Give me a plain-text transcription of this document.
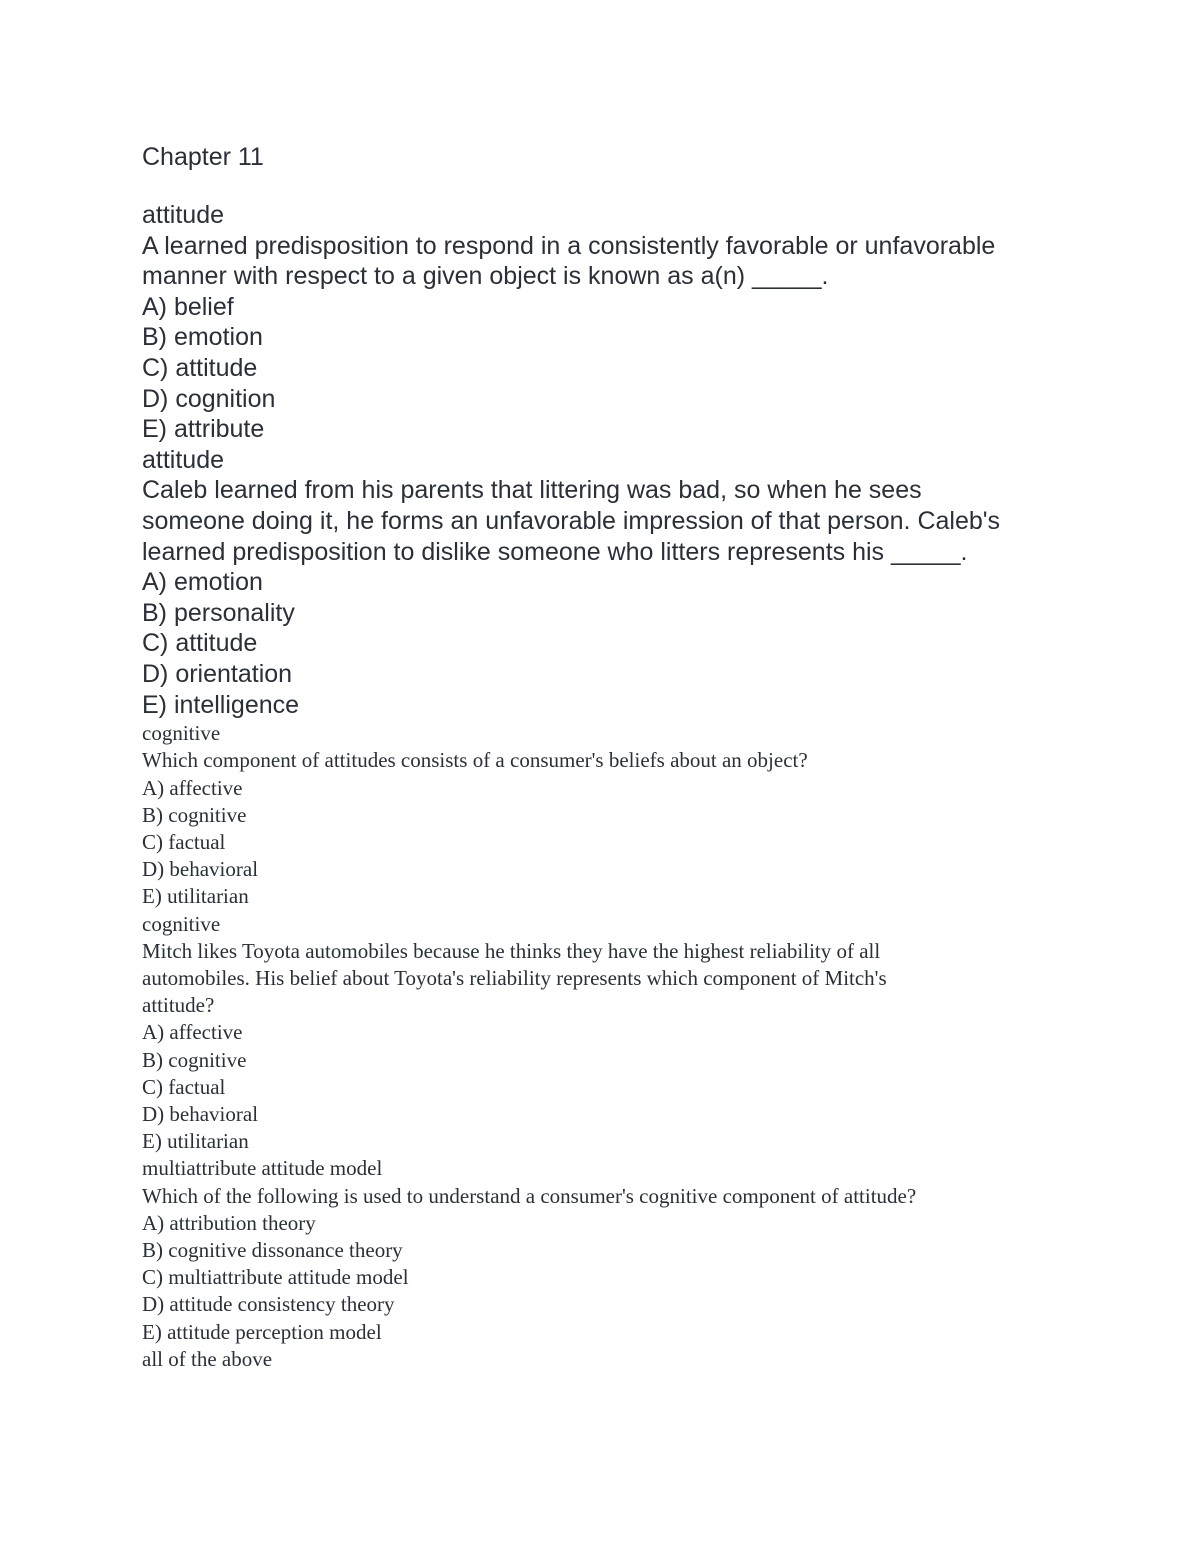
Chapter 11
attitude
A learned predisposition to respond in a consistently favorable or unfavorable
manner with respect to a given object is known as a(n) _____.
A) belief
B) emotion
C) attitude
D) cognition
E) attribute
attitude
Caleb learned from his parents that littering was bad, so when he sees
someone doing it, he forms an unfavorable impression of that person. Caleb's
learned predisposition to dislike someone who litters represents his _____.
A) emotion
B) personality
C) attitude
D) orientation
E) intelligence
cognitive
Which component of attitudes consists of a consumer's beliefs about an object?
A) affective
B) cognitive
C) factual
D) behavioral
E) utilitarian
cognitive
Mitch likes Toyota automobiles because he thinks they have the highest reliability of all
automobiles. His belief about Toyota's reliability represents which component of Mitch's
attitude?
A) affective
B) cognitive
C) factual
D) behavioral
E) utilitarian
multiattribute attitude model
Which of the following is used to understand a consumer's cognitive component of attitude?
A) attribution theory
B) cognitive dissonance theory
C) multiattribute attitude model
D) attitude consistency theory
E) attitude perception model
all of the above
